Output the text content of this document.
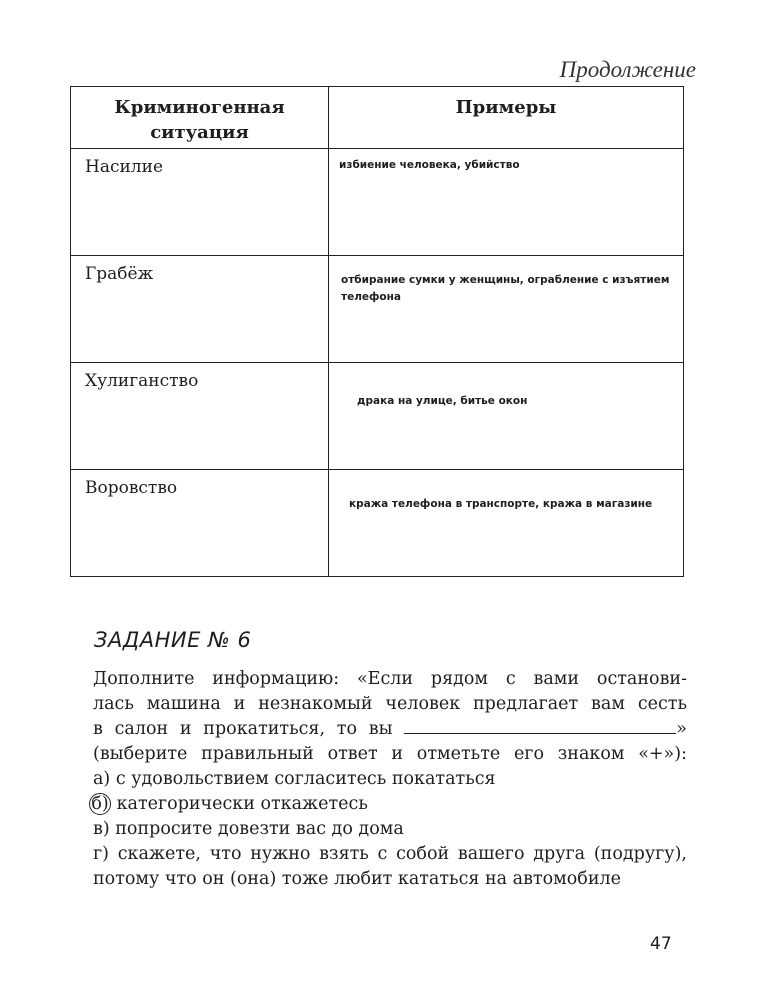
Продолжение
Криминогенная ситуация	Примеры
Насилие	избиение человека, убийство
Грабёж	отбирание сумки у женщины, ограбление с изъятием телефона
Хулиганство	драка на улице, битье окон
Воровство	кража телефона в транспорте, кража в магазине
ЗАДАНИЕ № 6

Дополните информацию: «Если рядом с вами останови-

лась машина и незнакомый человек предлагает вам сесть

в салон и прокатиться, то вы	»

(выберите правильный ответ и отметьте его знаком «+»):

а) с удовольствием согласитесь покататься
б) категорически откажетесь
в) попросите довезти вас до дома
г) скажете, что нужно взять с собой вашего друга (подругу), потому что он (она) тоже любит кататься на автомобиле
47
